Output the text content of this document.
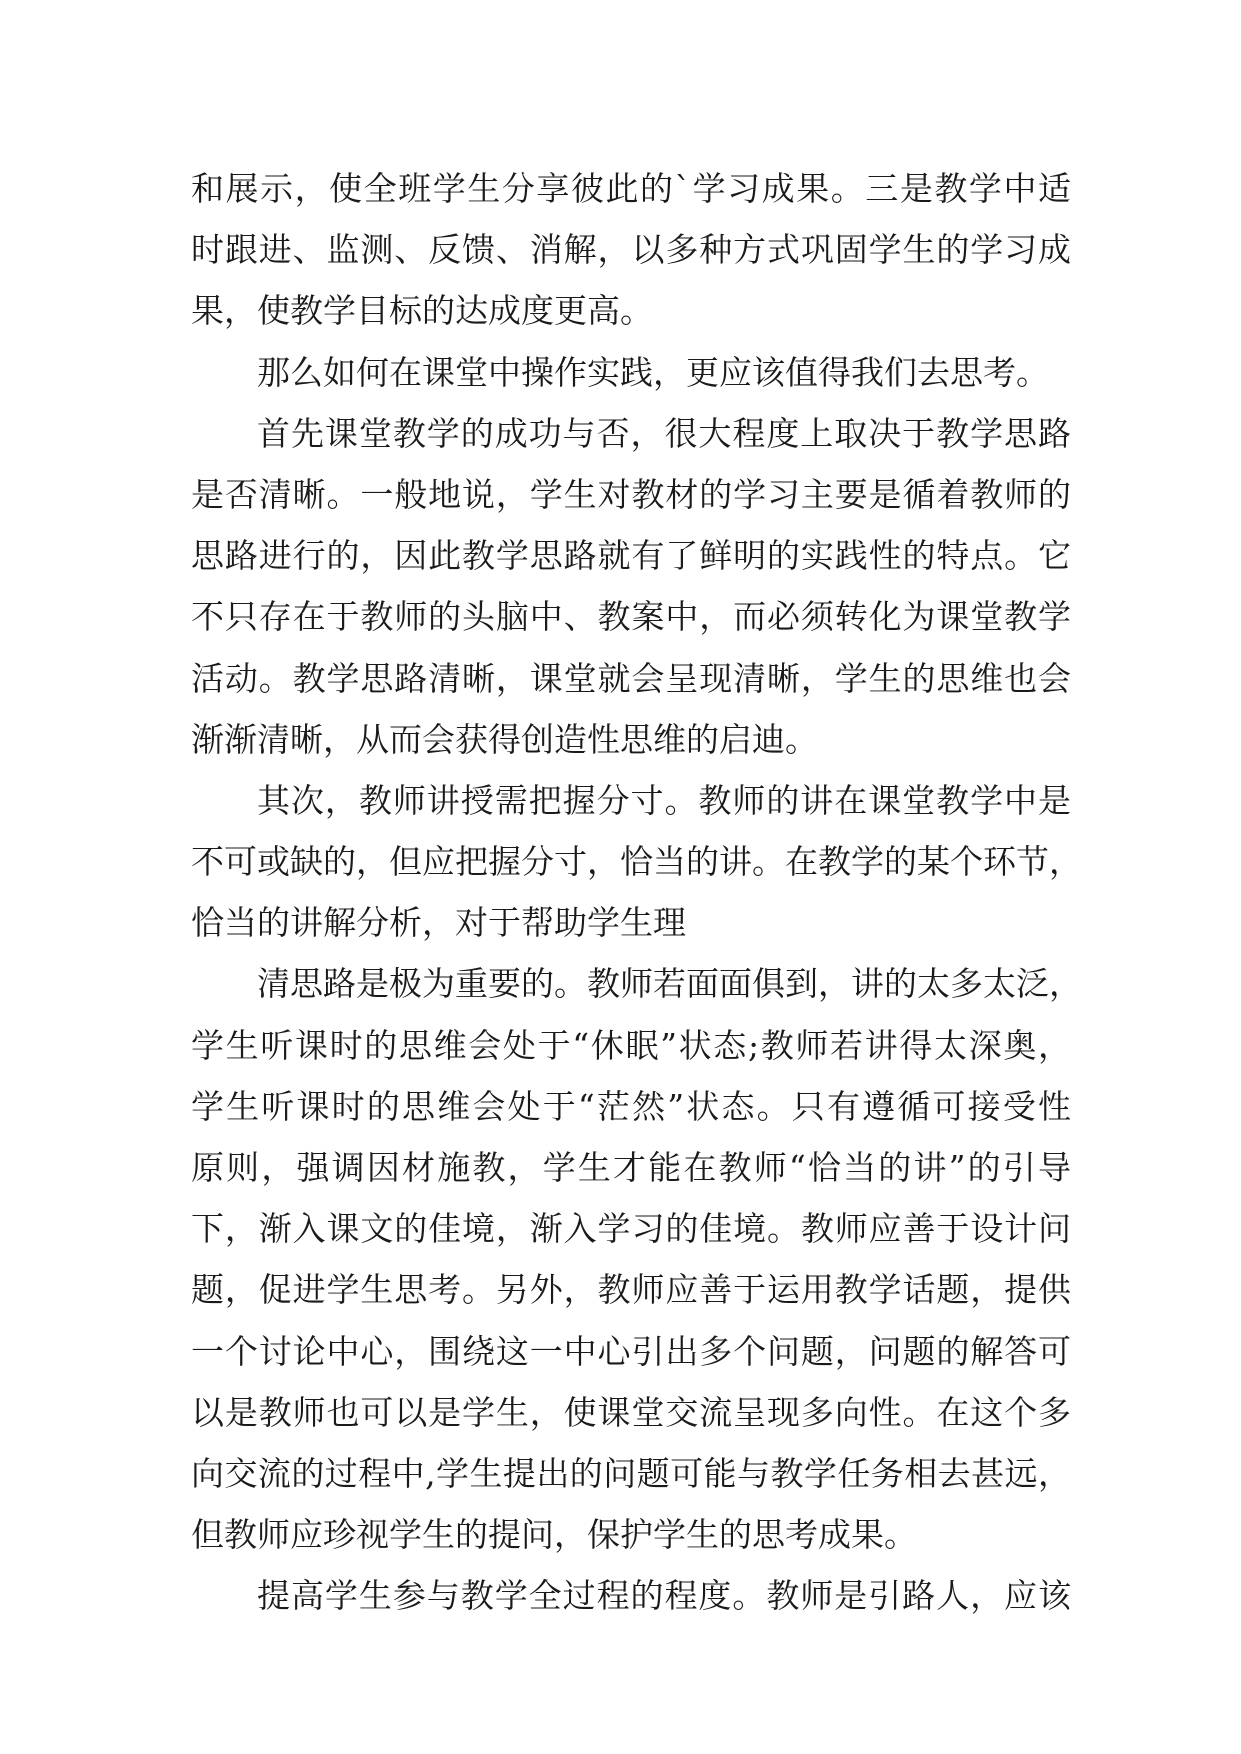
和展示，使全班学生分享彼此的`学习成果。三是教学中适
时跟进、监测、反馈、消解，以多种方式巩固学生的学习成
果，使教学目标的达成度更高。
那么如何在课堂中操作实践，更应该值得我们去思考。
首先课堂教学的成功与否，很大程度上取决于教学思路
是否清晰。一般地说，学生对教材的学习主要是循着教师的
思路进行的，因此教学思路就有了鲜明的实践性的特点。它
不只存在于教师的头脑中、教案中，而必须转化为课堂教学
活动。教学思路清晰，课堂就会呈现清晰，学生的思维也会
渐渐清晰，从而会获得创造性思维的启迪。
其次，教师讲授需把握分寸。教师的讲在课堂教学中是
不可或缺的，但应把握分寸，恰当的讲。在教学的某个环节，
恰当的讲解分析，对于帮助学生理
清思路是极为重要的。教师若面面俱到，讲的太多太泛，
学生听课时的思维会处于“休眠”状态;教师若讲得太深奥，
学生听课时的思维会处于“茫然”状态。只有遵循可接受性
原则，强调因材施教，学生才能在教师“恰当的讲”的引导
下，渐入课文的佳境，渐入学习的佳境。教师应善于设计问
题，促进学生思考。另外，教师应善于运用教学话题，提供
一个讨论中心，围绕这一中心引出多个问题，问题的解答可
以是教师也可以是学生，使课堂交流呈现多向性。在这个多
向交流的过程中,学生提出的问题可能与教学任务相去甚远，
但教师应珍视学生的提问，保护学生的思考成果。
提高学生参与教学全过程的程度。教师是引路人，应该
